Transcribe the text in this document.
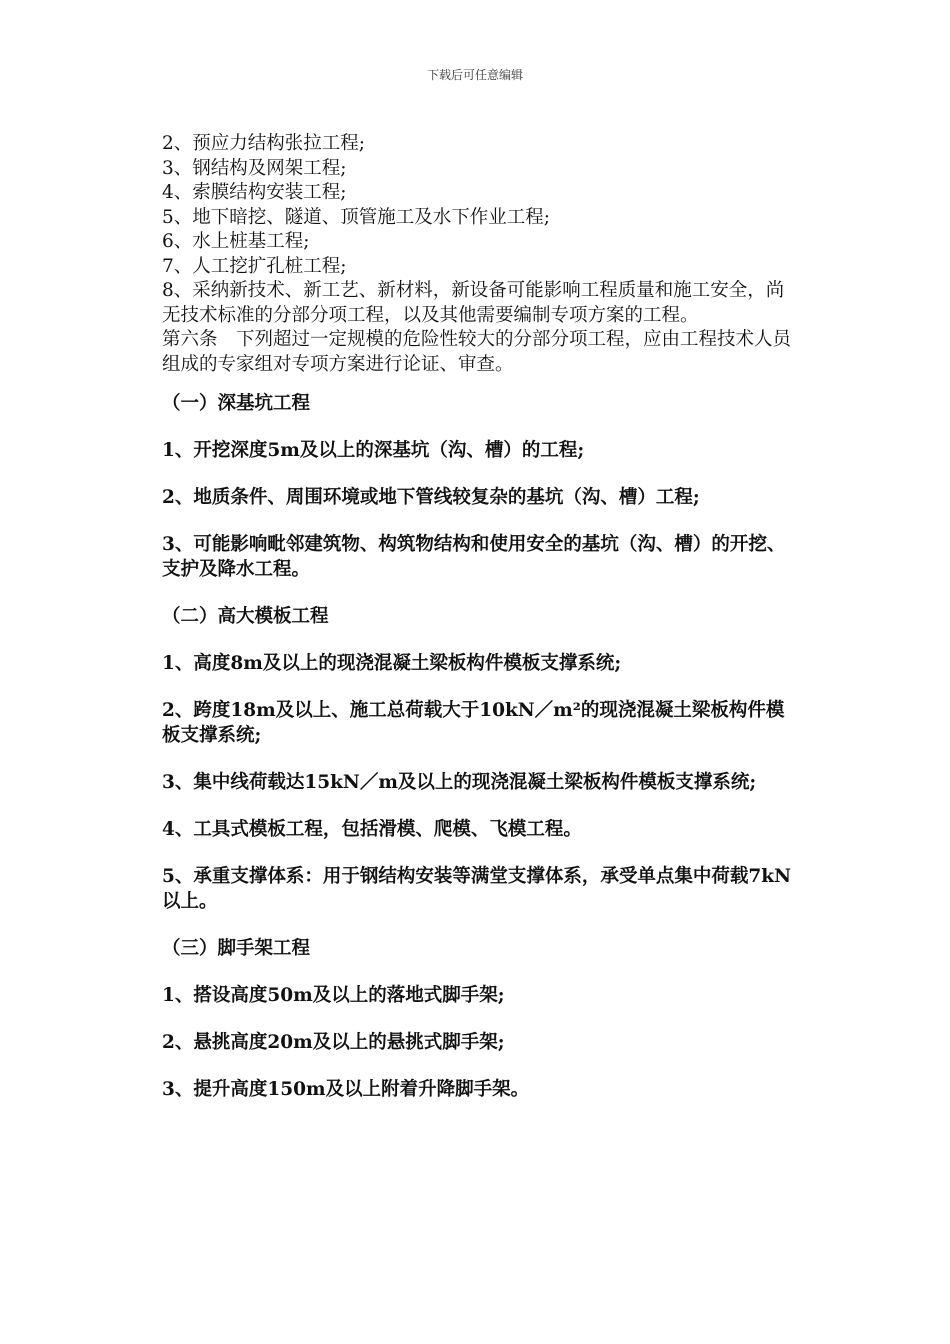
下载后可任意编辑

2、预应力结构张拉工程;

3、钢结构及网架工程;

4、索膜结构安装工程;

5、地下暗挖、隧道、顶管施工及水下作业工程;

6、水上桩基工程;

7、人工挖扩孔桩工程;

8、采纳新技术、新工艺、新材料，新设备可能影响工程质量和施工安全，尚无技术标准的分部分项工程，以及其他需要编制专项方案的工程。

第六条　下列超过一定规模的危险性较大的分部分项工程，应由工程技术人员组成的专家组对专项方案进行论证、审查。

（一）深基坑工程

1、开挖深度5m及以上的深基坑（沟、槽）的工程;

2、地质条件、周围环境或地下管线较复杂的基坑（沟、槽）工程;

3、可能影响毗邻建筑物、构筑物结构和使用安全的基坑（沟、槽）的开挖、支护及降水工程。

（二）高大模板工程

1、高度8m及以上的现浇混凝土梁板构件模板支撑系统;

2、跨度18m及以上、施工总荷载大于10kN／m²的现浇混凝土梁板构件模板支撑系统;

3、集中线荷载达15kN／m及以上的现浇混凝土梁板构件模板支撑系统;

4、工具式模板工程，包括滑模、爬模、飞模工程。

5、承重支撑体系：用于钢结构安装等满堂支撑体系，承受单点集中荷载7kN以上。

（三）脚手架工程

1、搭设高度50m及以上的落地式脚手架;

2、悬挑高度20m及以上的悬挑式脚手架;

3、提升高度150m及以上附着升降脚手架。
